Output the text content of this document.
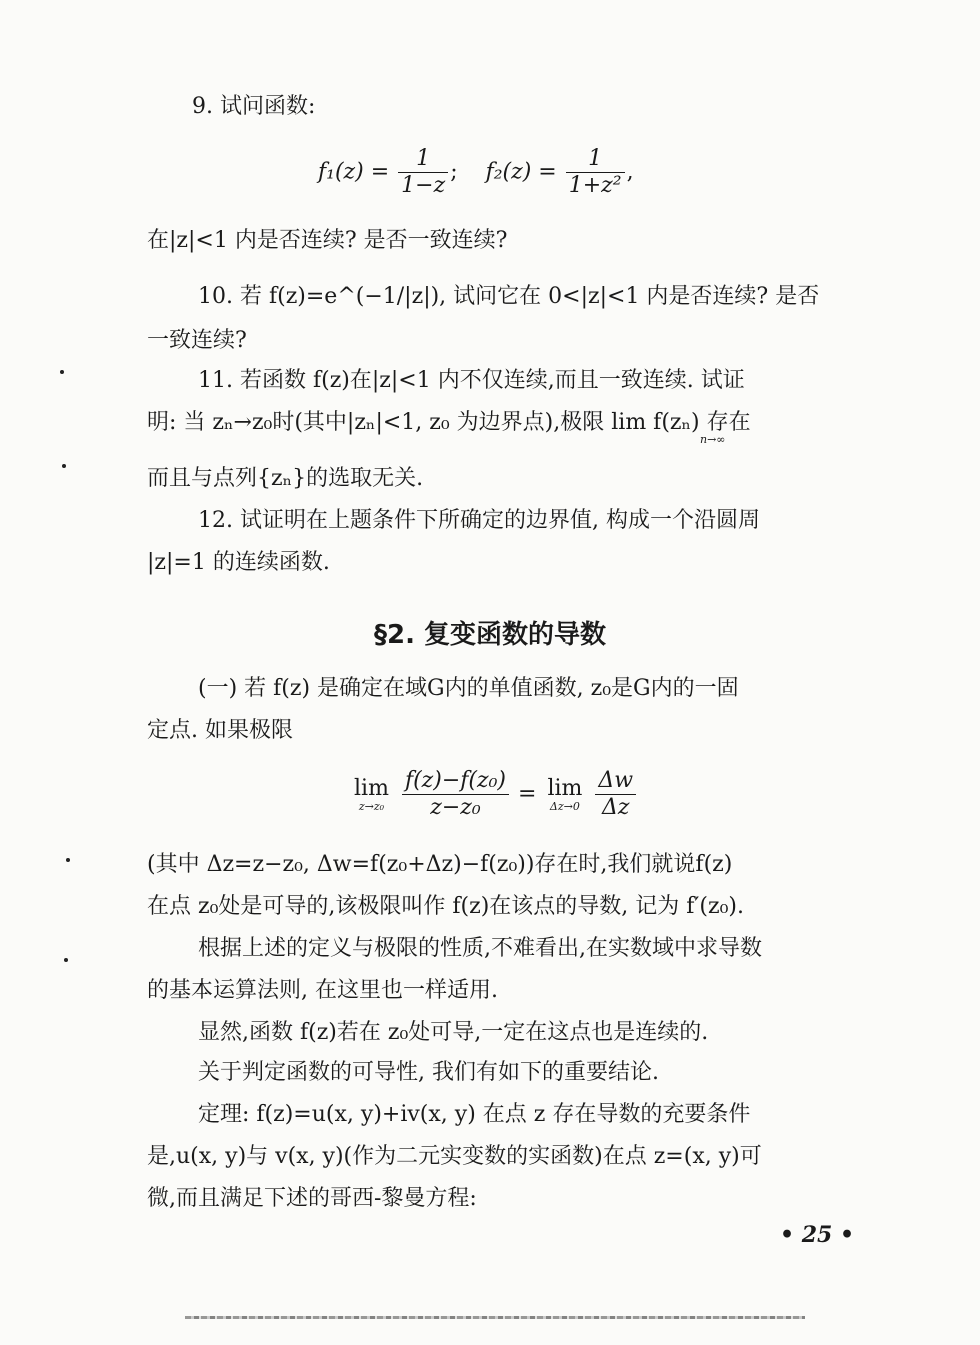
9. 试问函数:
$f_1(z) = \frac{1}{1-z}$ ; $f_2(z) = \frac{1}{\text{1+z²}}$ ,
在|z|<1 内是否连续? 是否一致连续?
10. 若 f(z)=e^(−1/|z|), 试问它在 0<|z|<1 内是否连续? 是否
一致连续?
11. 若函数 f(z)在|z|<1 内不仅连续,而且一致连续. 试证
明: 当 zₙ→z₀时(其中|zₙ|<1, z₀ 为边界点),极限 lim f(zₙ) 存在
n→∞
而且与点列{zₙ}的选取无关.
12. 试证明在上题条件下所确定的边界值, 构成一个沿圆周
|z|=1 的连续函数.
§2. 复变函数的导数
(一) 若 f(z) 是确定在域G内的单值函数, z₀是G内的一固
定点. 如果极限
lim
z→z₀
$\frac{\text{f(z)−f(z₀)}}{\text{z−z₀}} = \lim$
Δz→0
$\frac{\Delta w}{\Delta z}$
(其中 Δz=z−z₀, Δw=f(z₀+Δz)−f(z₀))存在时,我们就说f(z)
在点 z₀处是可导的,该极限叫作 f(z)在该点的导数, 记为 f′(z₀).
根据上述的定义与极限的性质,不难看出,在实数域中求导数
的基本运算法则, 在这里也一样适用.
显然,函数 f(z)若在 z₀处可导,一定在这点也是连续的.
关于判定函数的可导性, 我们有如下的重要结论.
定理: f(z)=u(x, y)+iv(x, y) 在点 z 存在导数的充要条件
是,u(x, y)与 v(x, y)(作为二元实变数的实函数)在点 z=(x, y)可
微,而且满足下述的哥西-黎曼方程:
• 25 •
